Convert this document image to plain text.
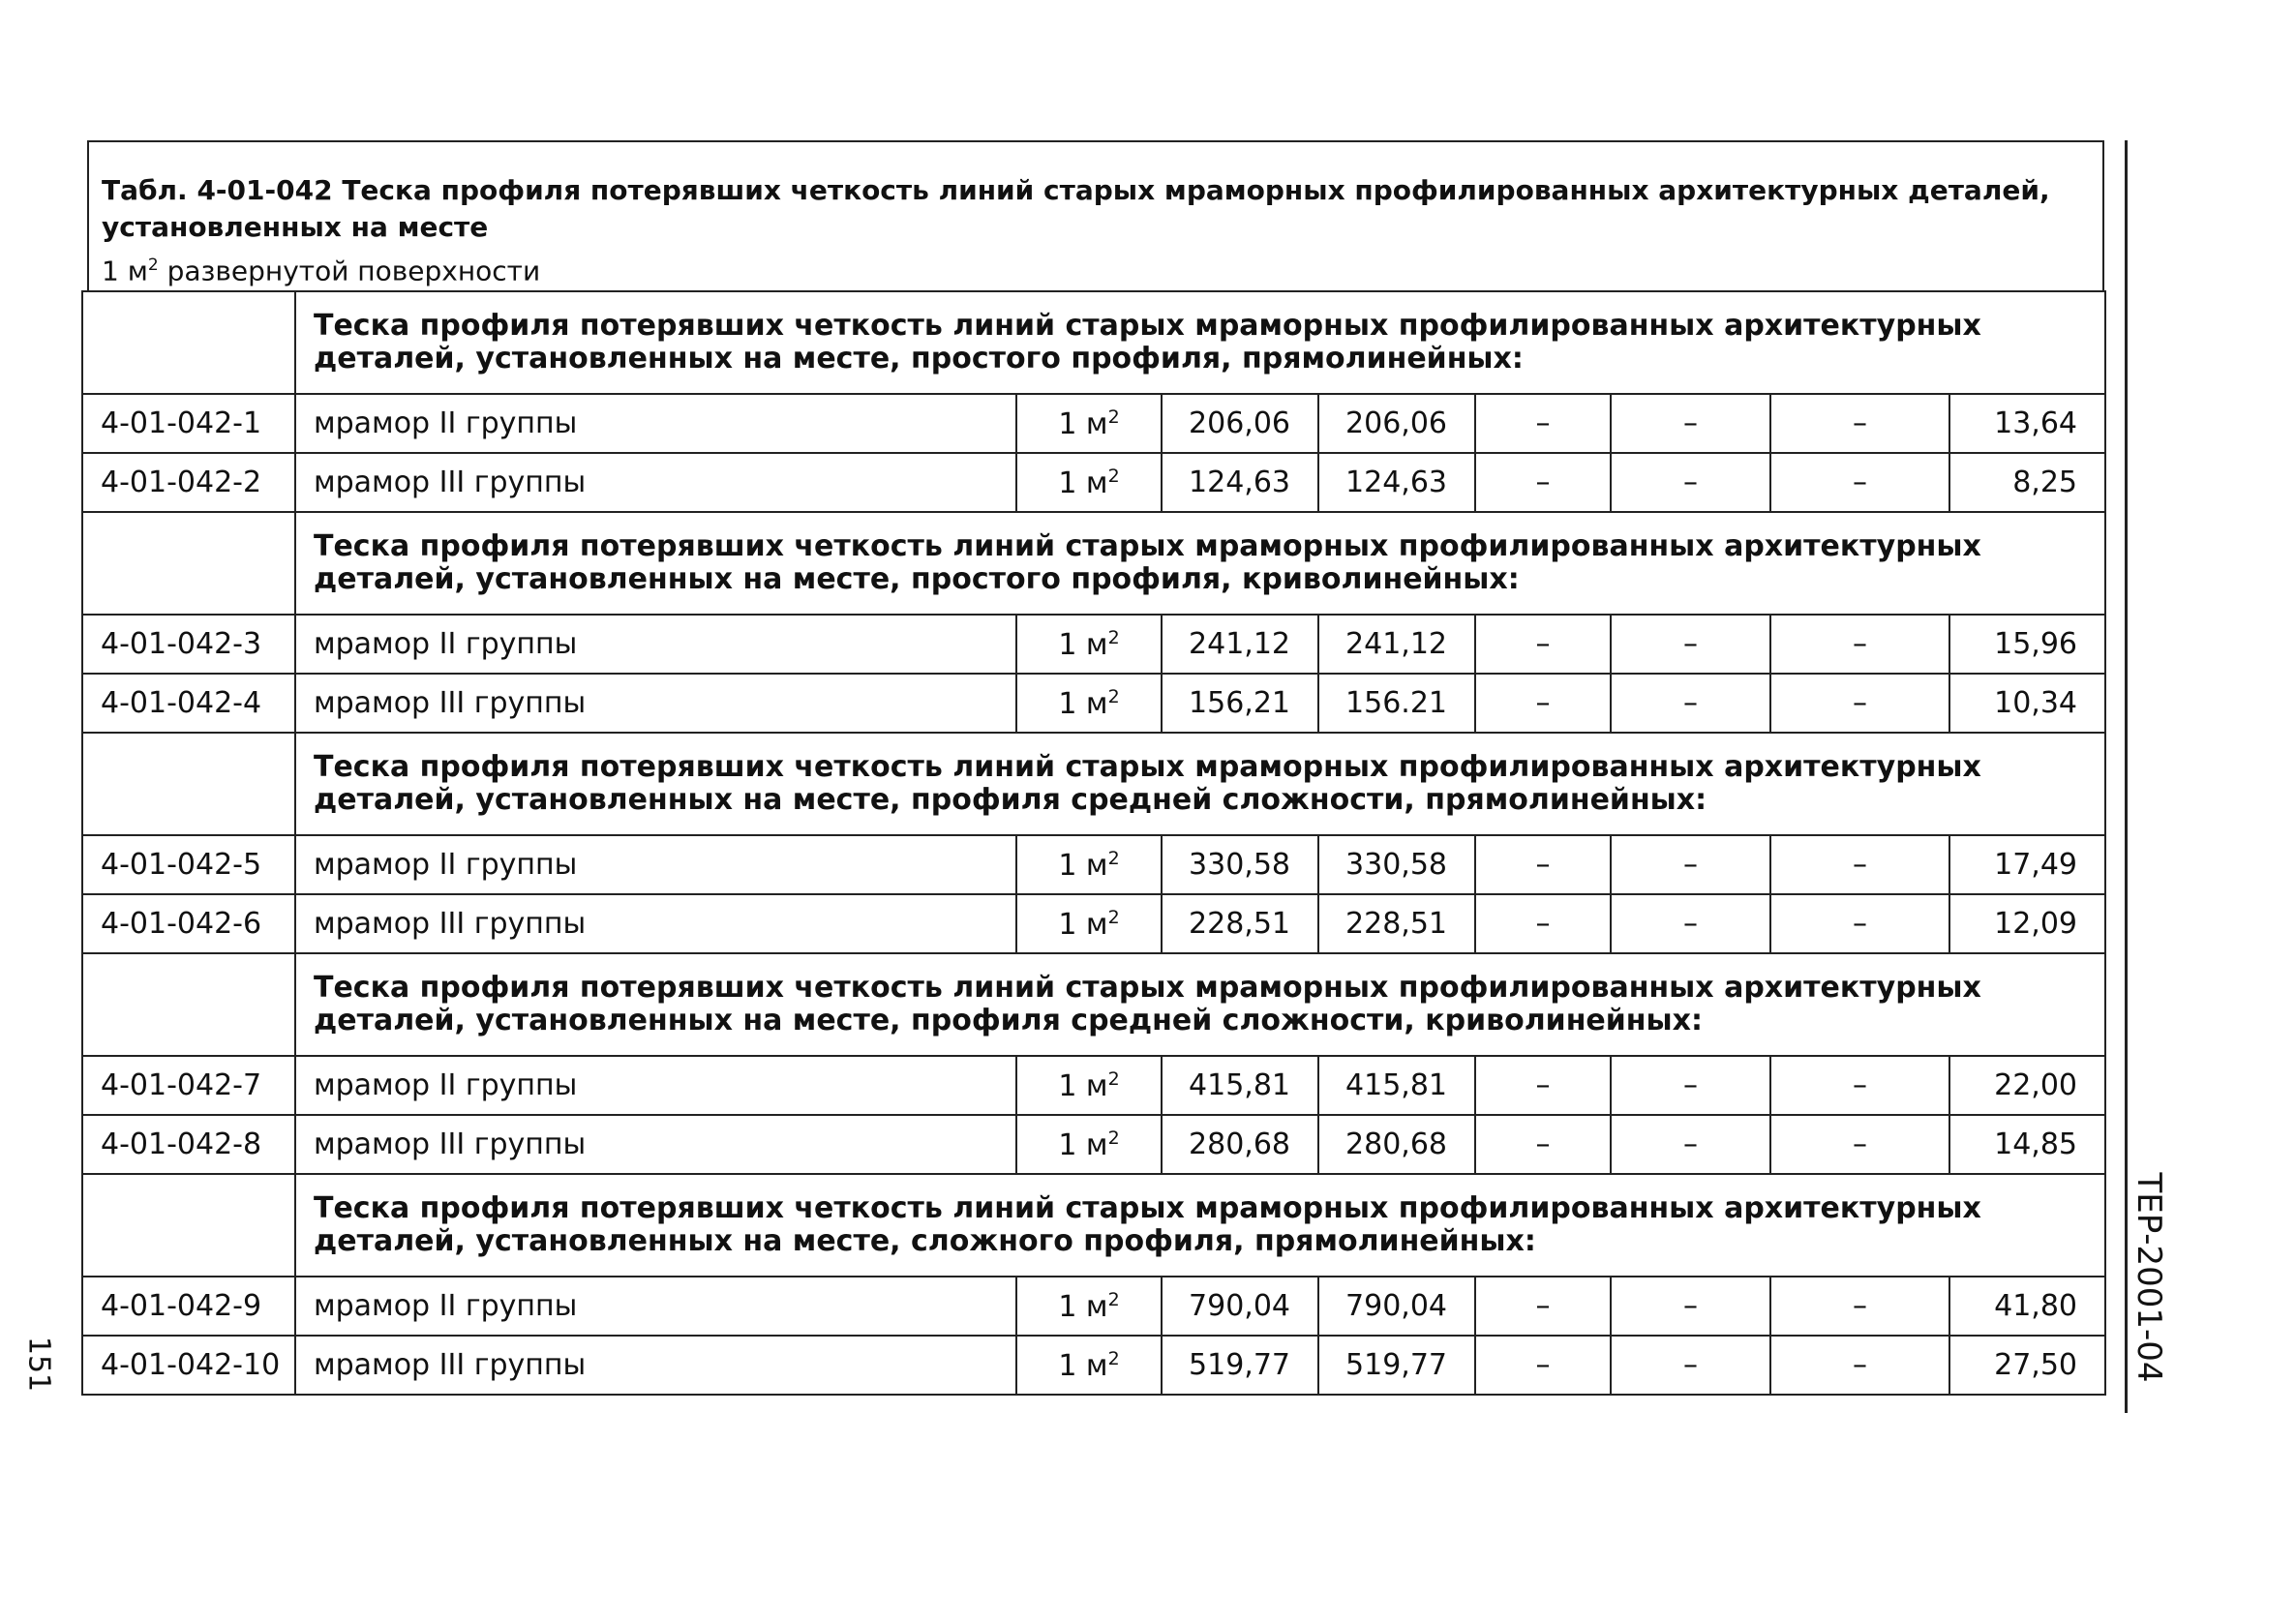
Табл. 4-01-042 Теска профиля потерявших четкость линий старых мраморных профилированных архитектурных деталей, установленных на месте
1 $м^2$ развернутой поверхности
	Теска профиля потерявших четкость линий старых мраморных профилированных архитектурных деталей, установленных на месте, простого профиля, прямолинейных:							
4-01-042-1	мрамор II группы	1 $м^2$	206,06	206,06	–	–	–	13,64
4-01-042-2	мрамор III группы	1 $м^2$	124,63	124,63	–	–	–	8,25
	Теска профиля потерявших четкость линий старых мраморных профилированных архитектурных деталей, установленных на месте, простого профиля, криволинейных:							
4-01-042-3	мрамор II группы	1 $м^2$	241,12	241,12	–	–	–	15,96
4-01-042-4	мрамор III группы	1 $м^2$	156,21	156.21	–	–	–	10,34
	Теска профиля потерявших четкость линий старых мраморных профилированных архитектурных деталей, установленных на месте, профиля средней сложности, прямолинейных:							
4-01-042-5	мрамор II группы	1 $м^2$	330,58	330,58	–	–	–	17,49
4-01-042-6	мрамор III группы	1 $м^2$	228,51	228,51	–	–	–	12,09
	Теска профиля потерявших четкость линий старых мраморных профилированных архитектурных деталей, установленных на месте, профиля средней сложности, криволинейных:							
4-01-042-7	мрамор II группы	1 $м^2$	415,81	415,81	–	–	–	22,00
4-01-042-8	мрамор III группы	1 $м^2$	280,68	280,68	–	–	–	14,85
	Теска профиля потерявших четкость линий старых мраморных профилированных архитектурных деталей, установленных на месте, сложного профиля, прямолинейных:							
4-01-042-9	мрамор II группы	1 $м^2$	790,04	790,04	–	–	–	41,80
4-01-042-10	мрамор III группы	1 $м^2$	519,77	519,77	–	–	–	27,50
151	ТЕР-2001-04
